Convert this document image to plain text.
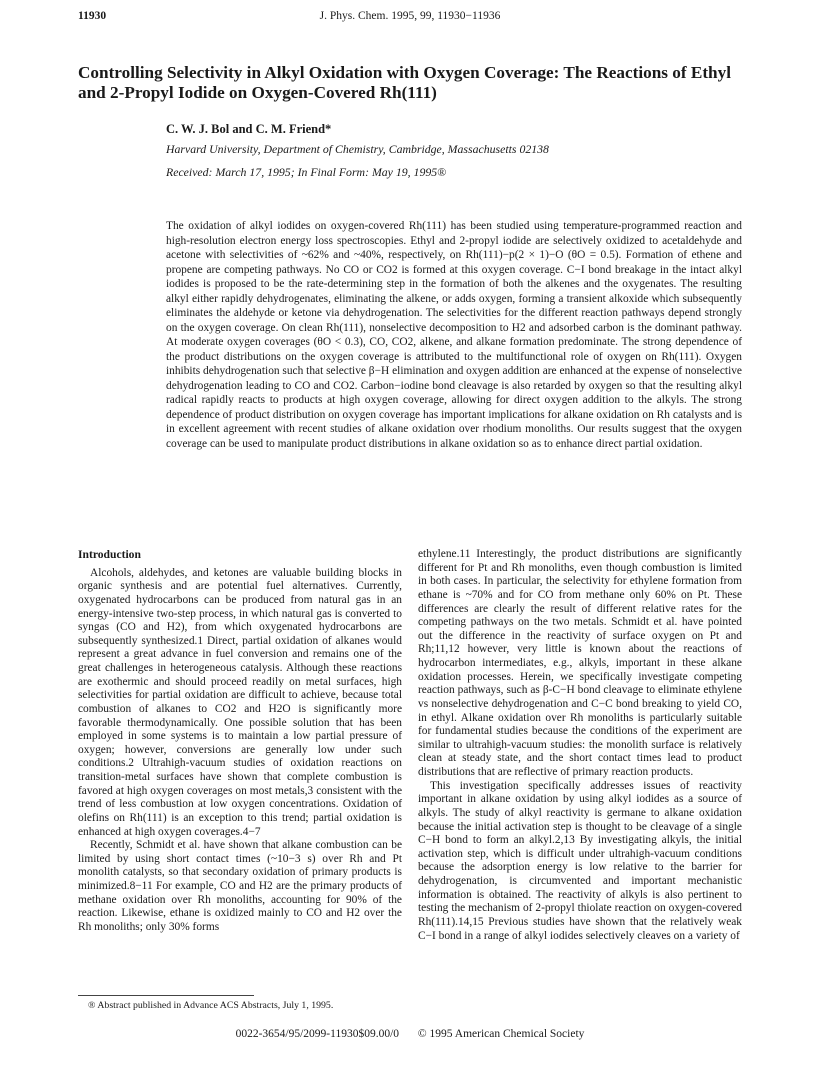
11930	J. Phys. Chem. 1995, 99, 11930−11936
Controlling Selectivity in Alkyl Oxidation with Oxygen Coverage: The Reactions of Ethyl and 2-Propyl Iodide on Oxygen-Covered Rh(111)

C. W. J. Bol and C. M. Friend*

Harvard University, Department of Chemistry, Cambridge, Massachusetts 02138

Received: March 17, 1995; In Final Form: May 19, 1995®

The oxidation of alkyl iodides on oxygen-covered Rh(111) has been studied using temperature-programmed reaction and high-resolution electron energy loss spectroscopies. Ethyl and 2-propyl iodide are selectively oxidized to acetaldehyde and acetone with selectivities of ~62% and ~40%, respectively, on Rh(111)−p(2 × 1)−O (θO = 0.5). Formation of ethene and propene are competing pathways. No CO or CO2 is formed at this oxygen coverage. C−I bond breakage in the intact alkyl iodides is proposed to be the rate-determining step in the formation of both the alkenes and the oxygenates. The resulting alkyl either rapidly dehydrogenates, eliminating the alkene, or adds oxygen, forming a transient alkoxide which subsequently eliminates the aldehyde or ketone via dehydrogenation. The selectivities for the different reaction pathways depend strongly on the oxygen coverage. On clean Rh(111), nonselective decomposition to H2 and adsorbed carbon is the dominant pathway. At moderate oxygen coverages (θO < 0.3), CO, CO2, alkene, and alkane formation predominate. The strong dependence of the product distributions on the oxygen coverage is attributed to the multifunctional role of oxygen on Rh(111). Oxygen inhibits dehydrogenation such that selective β−H elimination and oxygen addition are enhanced at the expense of nonselective dehydrogenation leading to CO and CO2. Carbon−iodine bond cleavage is also retarded by oxygen so that the resulting alkyl radical rapidly reacts to products at high oxygen coverage, allowing for direct oxygen addition to the alkyls. The strong dependence of product distribution on oxygen coverage has important implications for alkane oxidation on Rh catalysts and is in excellent agreement with recent studies of alkane oxidation over rhodium monoliths. Our results suggest that the oxygen coverage can be used to manipulate product distributions in alkane oxidation so as to enhance direct partial oxidation.

Introduction

Alcohols, aldehydes, and ketones are valuable building blocks in organic synthesis and are potential fuel alternatives. Currently, oxygenated hydrocarbons can be produced from natural gas in an energy-intensive two-step process, in which natural gas is converted to syngas (CO and H2), from which oxygenated hydrocarbons are subsequently synthesized.1 Direct, partial oxidation of alkanes would represent a great advance in fuel conversion and remains one of the great challenges in heterogeneous catalysis. Although these reactions are exothermic and should proceed readily on metal surfaces, high selectivities for partial oxidation are difficult to achieve, because total combustion of alkanes to CO2 and H2O is significantly more favorable thermodynamically. One possible solution that has been employed in some systems is to maintain a low partial pressure of oxygen; however, conversions are generally low under such conditions.2 Ultrahigh-vacuum studies of oxidation reactions on transition-metal surfaces have shown that complete combustion is favored at high oxygen coverages on most metals,3 consistent with the trend of less combustion at low oxygen concentrations. Oxidation of olefins on Rh(111) is an exception to this trend; partial oxidation is enhanced at high oxygen coverages.4−7

Recently, Schmidt et al. have shown that alkane combustion can be limited by using short contact times (~10−3 s) over Rh and Pt monolith catalysts, so that secondary oxidation of primary products is minimized.8−11 For example, CO and H2 are the primary products of methane oxidation over Rh monoliths, accounting for 90% of the reaction. Likewise, ethane is oxidized mainly to CO and H2 over the Rh monoliths; only 30% forms

ethylene.11 Interestingly, the product distributions are significantly different for Pt and Rh monoliths, even though combustion is limited in both cases. In particular, the selectivity for ethylene formation from ethane is ~70% and for CO from methane only 60% on Pt. These differences are clearly the result of different relative rates for the competing pathways on the two metals. Schmidt et al. have pointed out the difference in the reactivity of surface oxygen on Pt and Rh;11,12 however, very little is known about the reactions of hydrocarbon intermediates, e.g., alkyls, important in these alkane oxidation processes. Herein, we specifically investigate competing reaction pathways, such as β-C−H bond cleavage to eliminate ethylene vs nonselective dehydrogenation and C−C bond breaking to yield CO, in ethyl. Alkane oxidation over Rh monoliths is particularly suitable for fundamental studies because the conditions of the experiment are similar to ultrahigh-vacuum studies: the monolith surface is relatively clean at steady state, and the short contact times lead to product distributions that are reflective of primary reaction products.

This investigation specifically addresses issues of reactivity important in alkane oxidation by using alkyl iodides as a source of alkyls. The study of alkyl reactivity is germane to alkane oxidation because the initial activation step is thought to be cleavage of a single C−H bond to form an alkyl.2,13 By investigating alkyls, the initial activation step, which is difficult under ultrahigh-vacuum conditions because the adsorption energy is low relative to the barrier for dehydrogenation, is circumvented and important mechanistic information is obtained. The reactivity of alkyls is also pertinent to testing the mechanism of 2-propyl thiolate reaction on oxygen-covered Rh(111).14,15 Previous studies have shown that the relatively weak C−I bond in a range of alkyl iodides selectively cleaves on a variety of

® Abstract published in Advance ACS Abstracts, July 1, 1995.

0022-3654/95/2099-11930$09.00/0 © 1995 American Chemical Society
